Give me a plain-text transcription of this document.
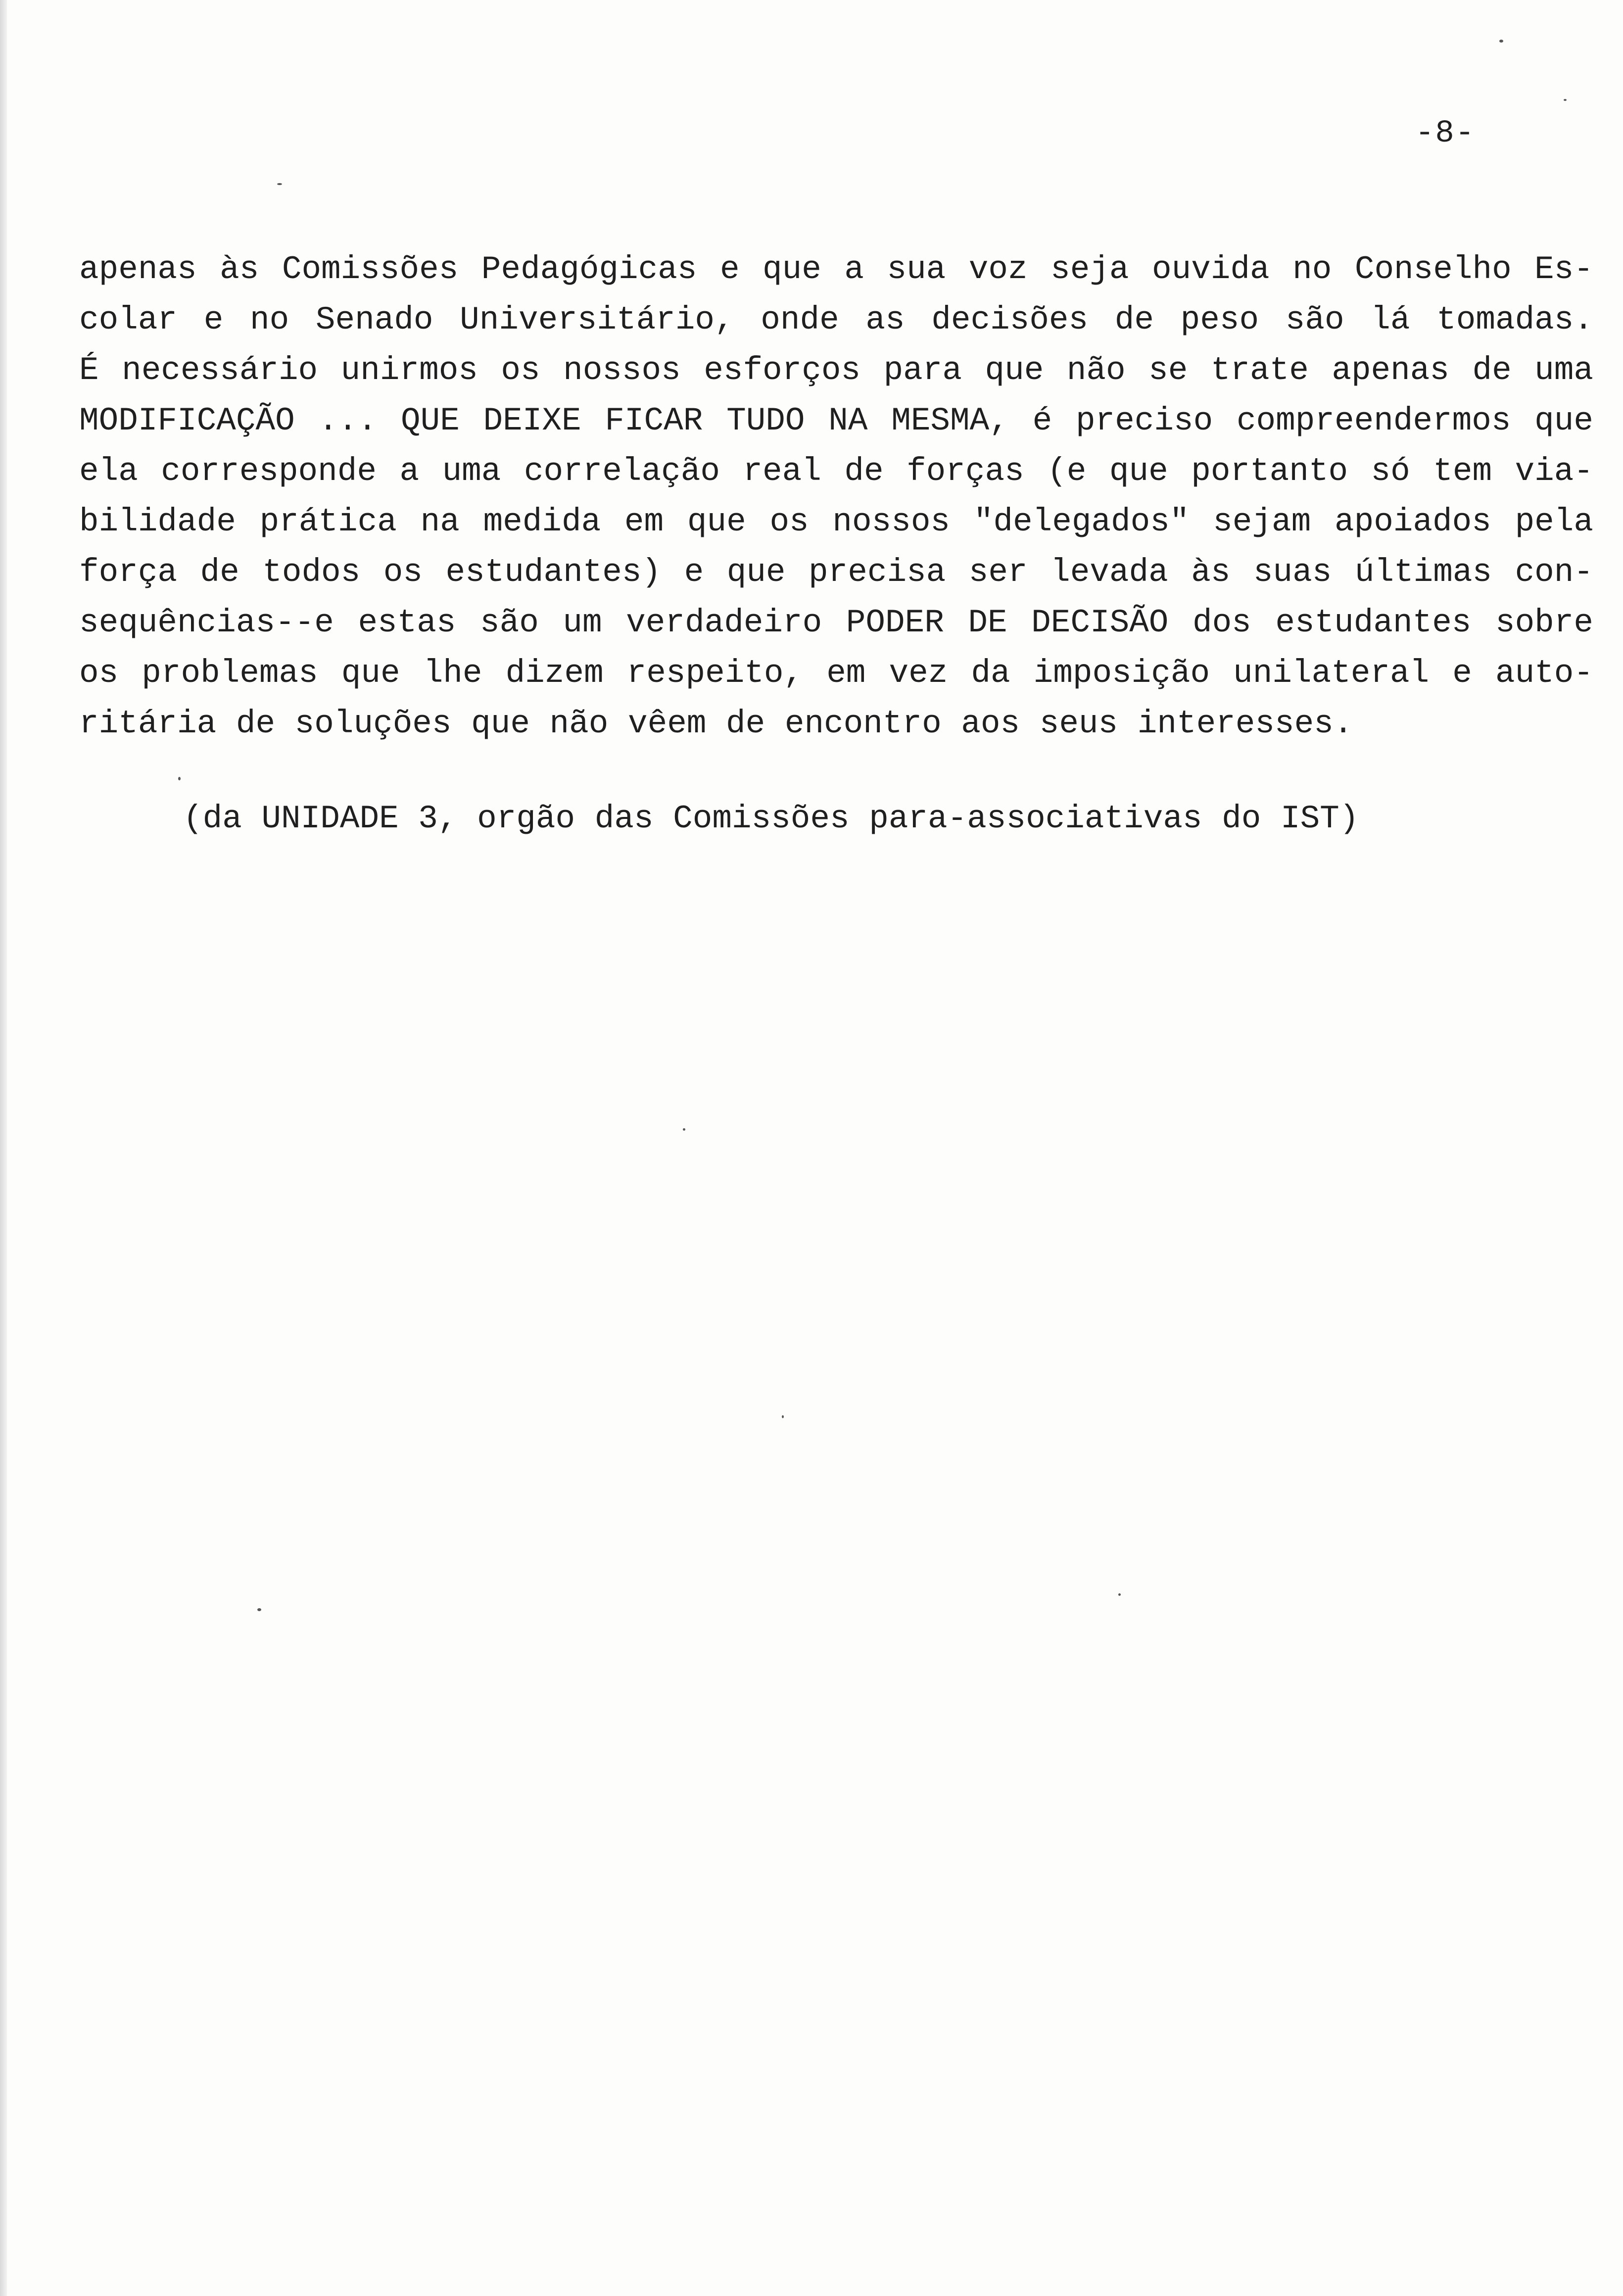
-8-
apenas às Comissões Pedagógicas e que a sua voz seja ouvida no Conselho Es-
colar e no Senado Universitário, onde as decisões de peso são lá tomadas.
É necessário unirmos os nossos esforços para que não se trate apenas de uma
MODIFICAÇÃO ... QUE DEIXE FICAR TUDO NA MESMA, é preciso compreendermos que
ela corresponde a uma correlação real de forças (e que portanto só tem via-
bilidade prática na medida em que os nossos "delegados" sejam apoiados pela
força de todos os estudantes) e que precisa ser levada às suas últimas con-
sequências--e estas são um verdadeiro PODER DE DECISÃO dos estudantes sobre
os problemas que lhe dizem respeito, em vez da imposição unilateral e auto-
ritária de soluções que não vêem de encontro aos seus interesses.
(da UNIDADE 3, orgão das Comissões para-associativas do IST)
